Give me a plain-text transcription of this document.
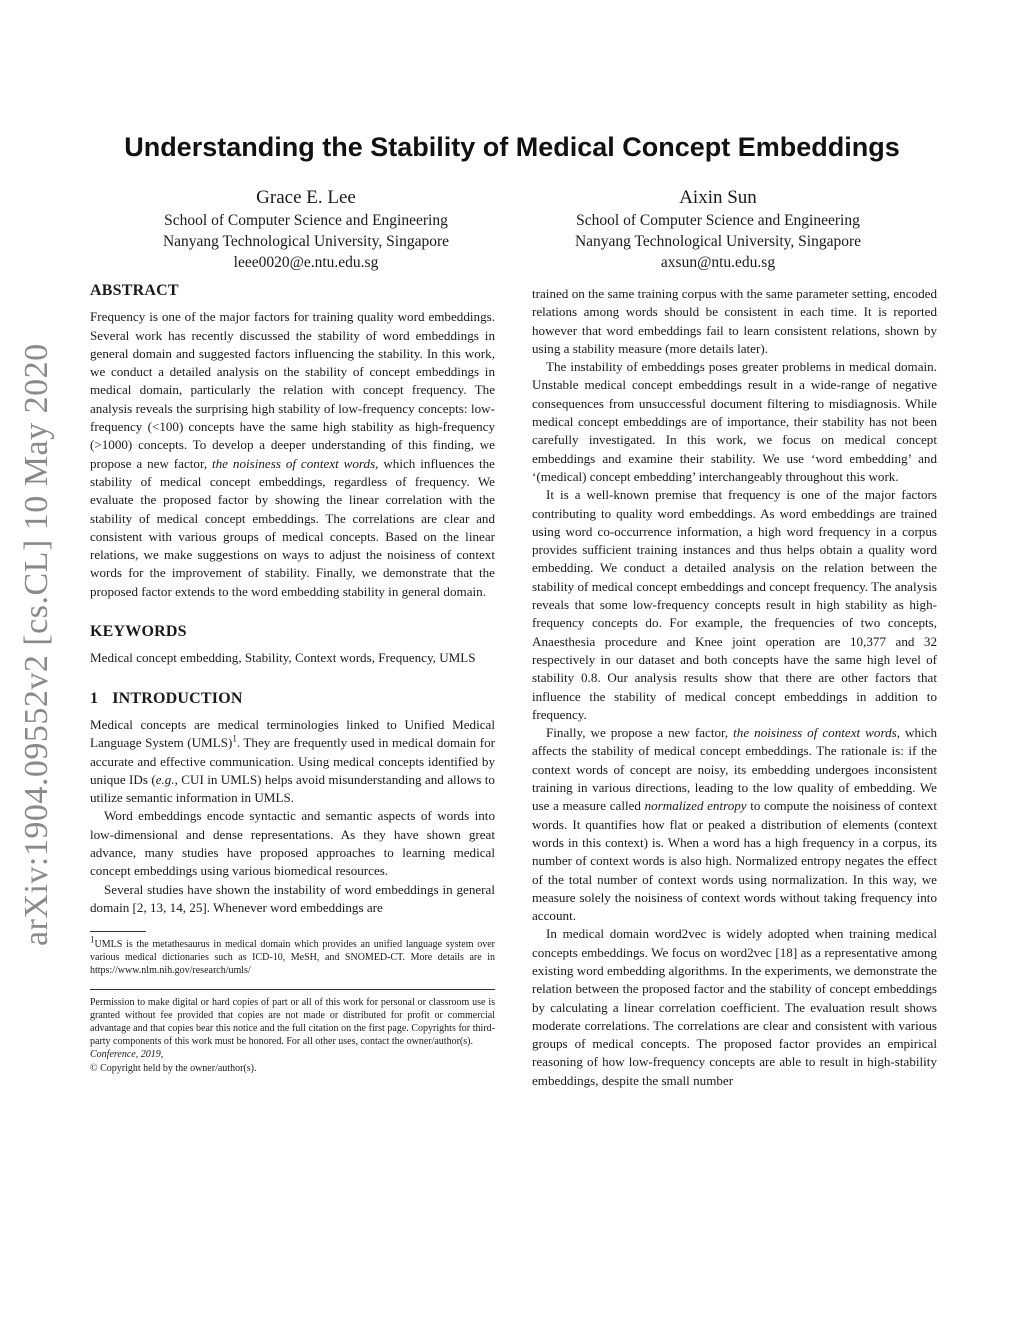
arXiv:1904.09552v2 [cs.CL] 10 May 2020
Understanding the Stability of Medical Concept Embeddings
Grace E. Lee
School of Computer Science and Engineering
Nanyang Technological University, Singapore
leee0020@e.ntu.edu.sg
Aixin Sun
School of Computer Science and Engineering
Nanyang Technological University, Singapore
axsun@ntu.edu.sg
ABSTRACT

Frequency is one of the major factors for training quality word embeddings. Several work has recently discussed the stability of word embeddings in general domain and suggested factors influencing the stability. In this work, we conduct a detailed analysis on the stability of concept embeddings in medical domain, particularly the relation with concept frequency. The analysis reveals the surprising high stability of low-frequency concepts: low-frequency (<100) concepts have the same high stability as high-frequency (>1000) concepts. To develop a deeper understanding of this finding, we propose a new factor, the noisiness of context words, which influences the stability of medical concept embeddings, regardless of frequency. We evaluate the proposed factor by showing the linear correlation with the stability of medical concept embeddings. The correlations are clear and consistent with various groups of medical concepts. Based on the linear relations, we make suggestions on ways to adjust the noisiness of context words for the improvement of stability. Finally, we demonstrate that the proposed factor extends to the word embedding stability in general domain.

KEYWORDS

Medical concept embedding, Stability, Context words, Frequency, UMLS

1 INTRODUCTION

Medical concepts are medical terminologies linked to Unified Medical Language System (UMLS)$^1$. They are frequently used in medical domain for accurate and effective communication. Using medical concepts identified by unique IDs (e.g., CUI in UMLS) helps avoid misunderstanding and allows to utilize semantic information in UMLS.

Word embeddings encode syntactic and semantic aspects of words into low-dimensional and dense representations. As they have shown great advance, many studies have proposed approaches to learning medical concept embeddings using various biomedical resources.

Several studies have shown the instability of word embeddings in general domain [2, 13, 14, 25]. Whenever word embeddings are

$^1$UMLS is the metathesaurus in medical domain which provides an unified language system over various medical dictionaries such as ICD-10, MeSH, and SNOMED-CT. More details are in https://www.nlm.nih.gov/research/umls/

Permission to make digital or hard copies of part or all of this work for personal or classroom use is granted without fee provided that copies are not made or distributed for profit or commercial advantage and that copies bear this notice and the full citation on the first page. Copyrights for third-party components of this work must be honored. For all other uses, contact the owner/author(s).

Conference, 2019,

© Copyright held by the owner/author(s).

trained on the same training corpus with the same parameter setting, encoded relations among words should be consistent in each time. It is reported however that word embeddings fail to learn consistent relations, shown by using a stability measure (more details later).

The instability of embeddings poses greater problems in medical domain. Unstable medical concept embeddings result in a wide-range of negative consequences from unsuccessful document filtering to misdiagnosis. While medical concept embeddings are of importance, their stability has not been carefully investigated. In this work, we focus on medical concept embeddings and examine their stability. We use ‘word embedding’ and ‘(medical) concept embedding’ interchangeably throughout this work.

It is a well-known premise that frequency is one of the major factors contributing to quality word embeddings. As word embeddings are trained using word co-occurrence information, a high word frequency in a corpus provides sufficient training instances and thus helps obtain a quality word embedding. We conduct a detailed analysis on the relation between the stability of medical concept embeddings and concept frequency. The analysis reveals that some low-frequency concepts result in high stability as high-frequency concepts do. For example, the frequencies of two concepts, Anaesthesia procedure and Knee joint operation are 10,377 and 32 respectively in our dataset and both concepts have the same high level of stability 0.8. Our analysis results show that there are other factors that influence the stability of medical concept embeddings in addition to frequency.

Finally, we propose a new factor, the noisiness of context words, which affects the stability of medical concept embeddings. The rationale is: if the context words of concept are noisy, its embedding undergoes inconsistent training in various directions, leading to the low quality of embedding. We use a measure called normalized entropy to compute the noisiness of context words. It quantifies how flat or peaked a distribution of elements (context words in this context) is. When a word has a high frequency in a corpus, its number of context words is also high. Normalized entropy negates the effect of the total number of context words using normalization. In this way, we measure solely the noisiness of context words without taking frequency into account.

In medical domain word2vec is widely adopted when training medical concepts embeddings. We focus on word2vec [18] as a representative among existing word embedding algorithms. In the experiments, we demonstrate the relation between the proposed factor and the stability of concept embeddings by calculating a linear correlation coefficient. The evaluation result shows moderate correlations. The correlations are clear and consistent with various groups of medical concepts. The proposed factor provides an empirical reasoning of how low-frequency concepts are able to result in high-stability embeddings, despite the small number
